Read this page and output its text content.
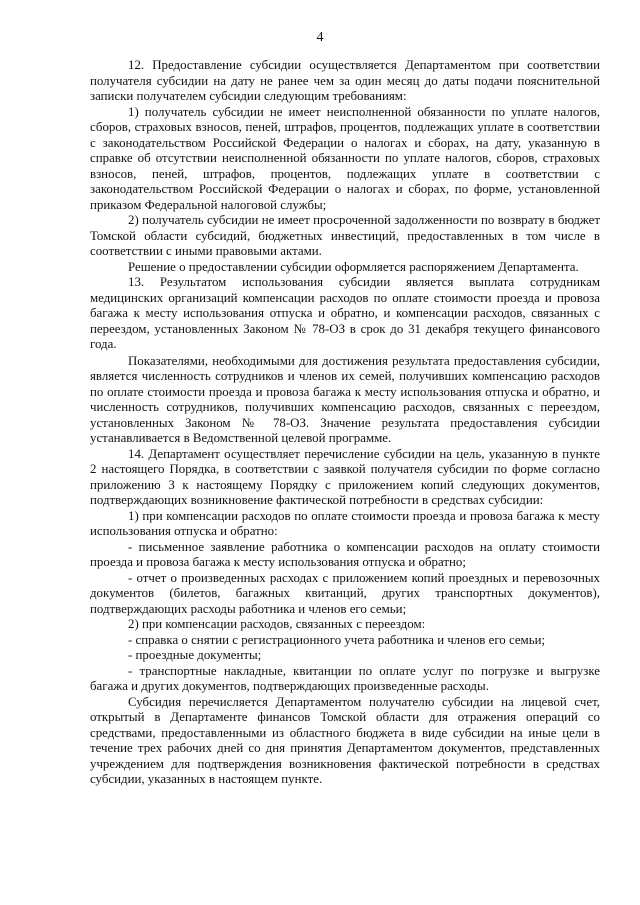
4

12. Предоставление субсидии осуществляется Департаментом при соответствии получателя субсидии на дату не ранее чем за один месяц до даты подачи пояснительной записки получателем субсидии следующим требованиям:

1) получатель субсидии не имеет неисполненной обязанности по уплате налогов, сборов, страховых взносов, пеней, штрафов, процентов, подлежащих уплате в соответствии с законодательством Российской Федерации о налогах и сборах, на дату, указанную в справке об отсутствии неисполненной обязанности по уплате налогов, сборов, страховых взносов, пеней, штрафов, процентов, подлежащих уплате в соответствии с законодательством Российской Федерации о налогах и сборах, по форме, установленной приказом Федеральной налоговой службы;

2) получатель субсидии не имеет просроченной задолженности по возврату в бюджет Томской области субсидий, бюджетных инвестиций, предоставленных в том числе в соответствии с иными правовыми актами.

Решение о предоставлении субсидии оформляется распоряжением Департамента.

13. Результатом использования субсидии является выплата сотрудникам медицинских организаций компенсации расходов по оплате стоимости проезда и провоза багажа к месту использования отпуска и обратно, и компенсации расходов, связанных с переездом, установленных Законом № 78-ОЗ в срок до 31 декабря текущего финансового года.

Показателями, необходимыми для достижения результата предоставления субсидии, является численность сотрудников и членов их семей, получивших компенсацию расходов по оплате стоимости проезда и провоза багажа к месту использования отпуска и обратно, и численность сотрудников, получивших компенсацию расходов, связанных с переездом, установленных Законом № 78-ОЗ. Значение результата предоставления субсидии устанавливается в Ведомственной целевой программе.

14. Департамент осуществляет перечисление субсидии на цель, указанную в пункте 2 настоящего Порядка, в соответствии с заявкой получателя субсидии по форме согласно приложению 3 к настоящему Порядку с приложением копий следующих документов, подтверждающих возникновение фактической потребности в средствах субсидии:

1) при компенсации расходов по оплате стоимости проезда и провоза багажа к месту использования отпуска и обратно:

- письменное заявление работника о компенсации расходов на оплату стоимости проезда и провоза багажа к месту использования отпуска и обратно;

- отчет о произведенных расходах с приложением копий проездных и перевозочных документов (билетов, багажных квитанций, других транспортных документов), подтверждающих расходы работника и членов его семьи;

2) при компенсации расходов, связанных с переездом:

- справка о снятии с регистрационного учета работника и членов его семьи;

- проездные документы;

- транспортные накладные, квитанции по оплате услуг по погрузке и выгрузке багажа и других документов, подтверждающих произведенные расходы.

Субсидия перечисляется Департаментом получателю субсидии на лицевой счет, открытый в Департаменте финансов Томской области для отражения операций со средствами, предоставленными из областного бюджета в виде субсидии на иные цели в течение трех рабочих дней со дня принятия Департаментом документов, представленных учреждением для подтверждения возникновения фактической потребности в средствах субсидии, указанных в настоящем пункте.
